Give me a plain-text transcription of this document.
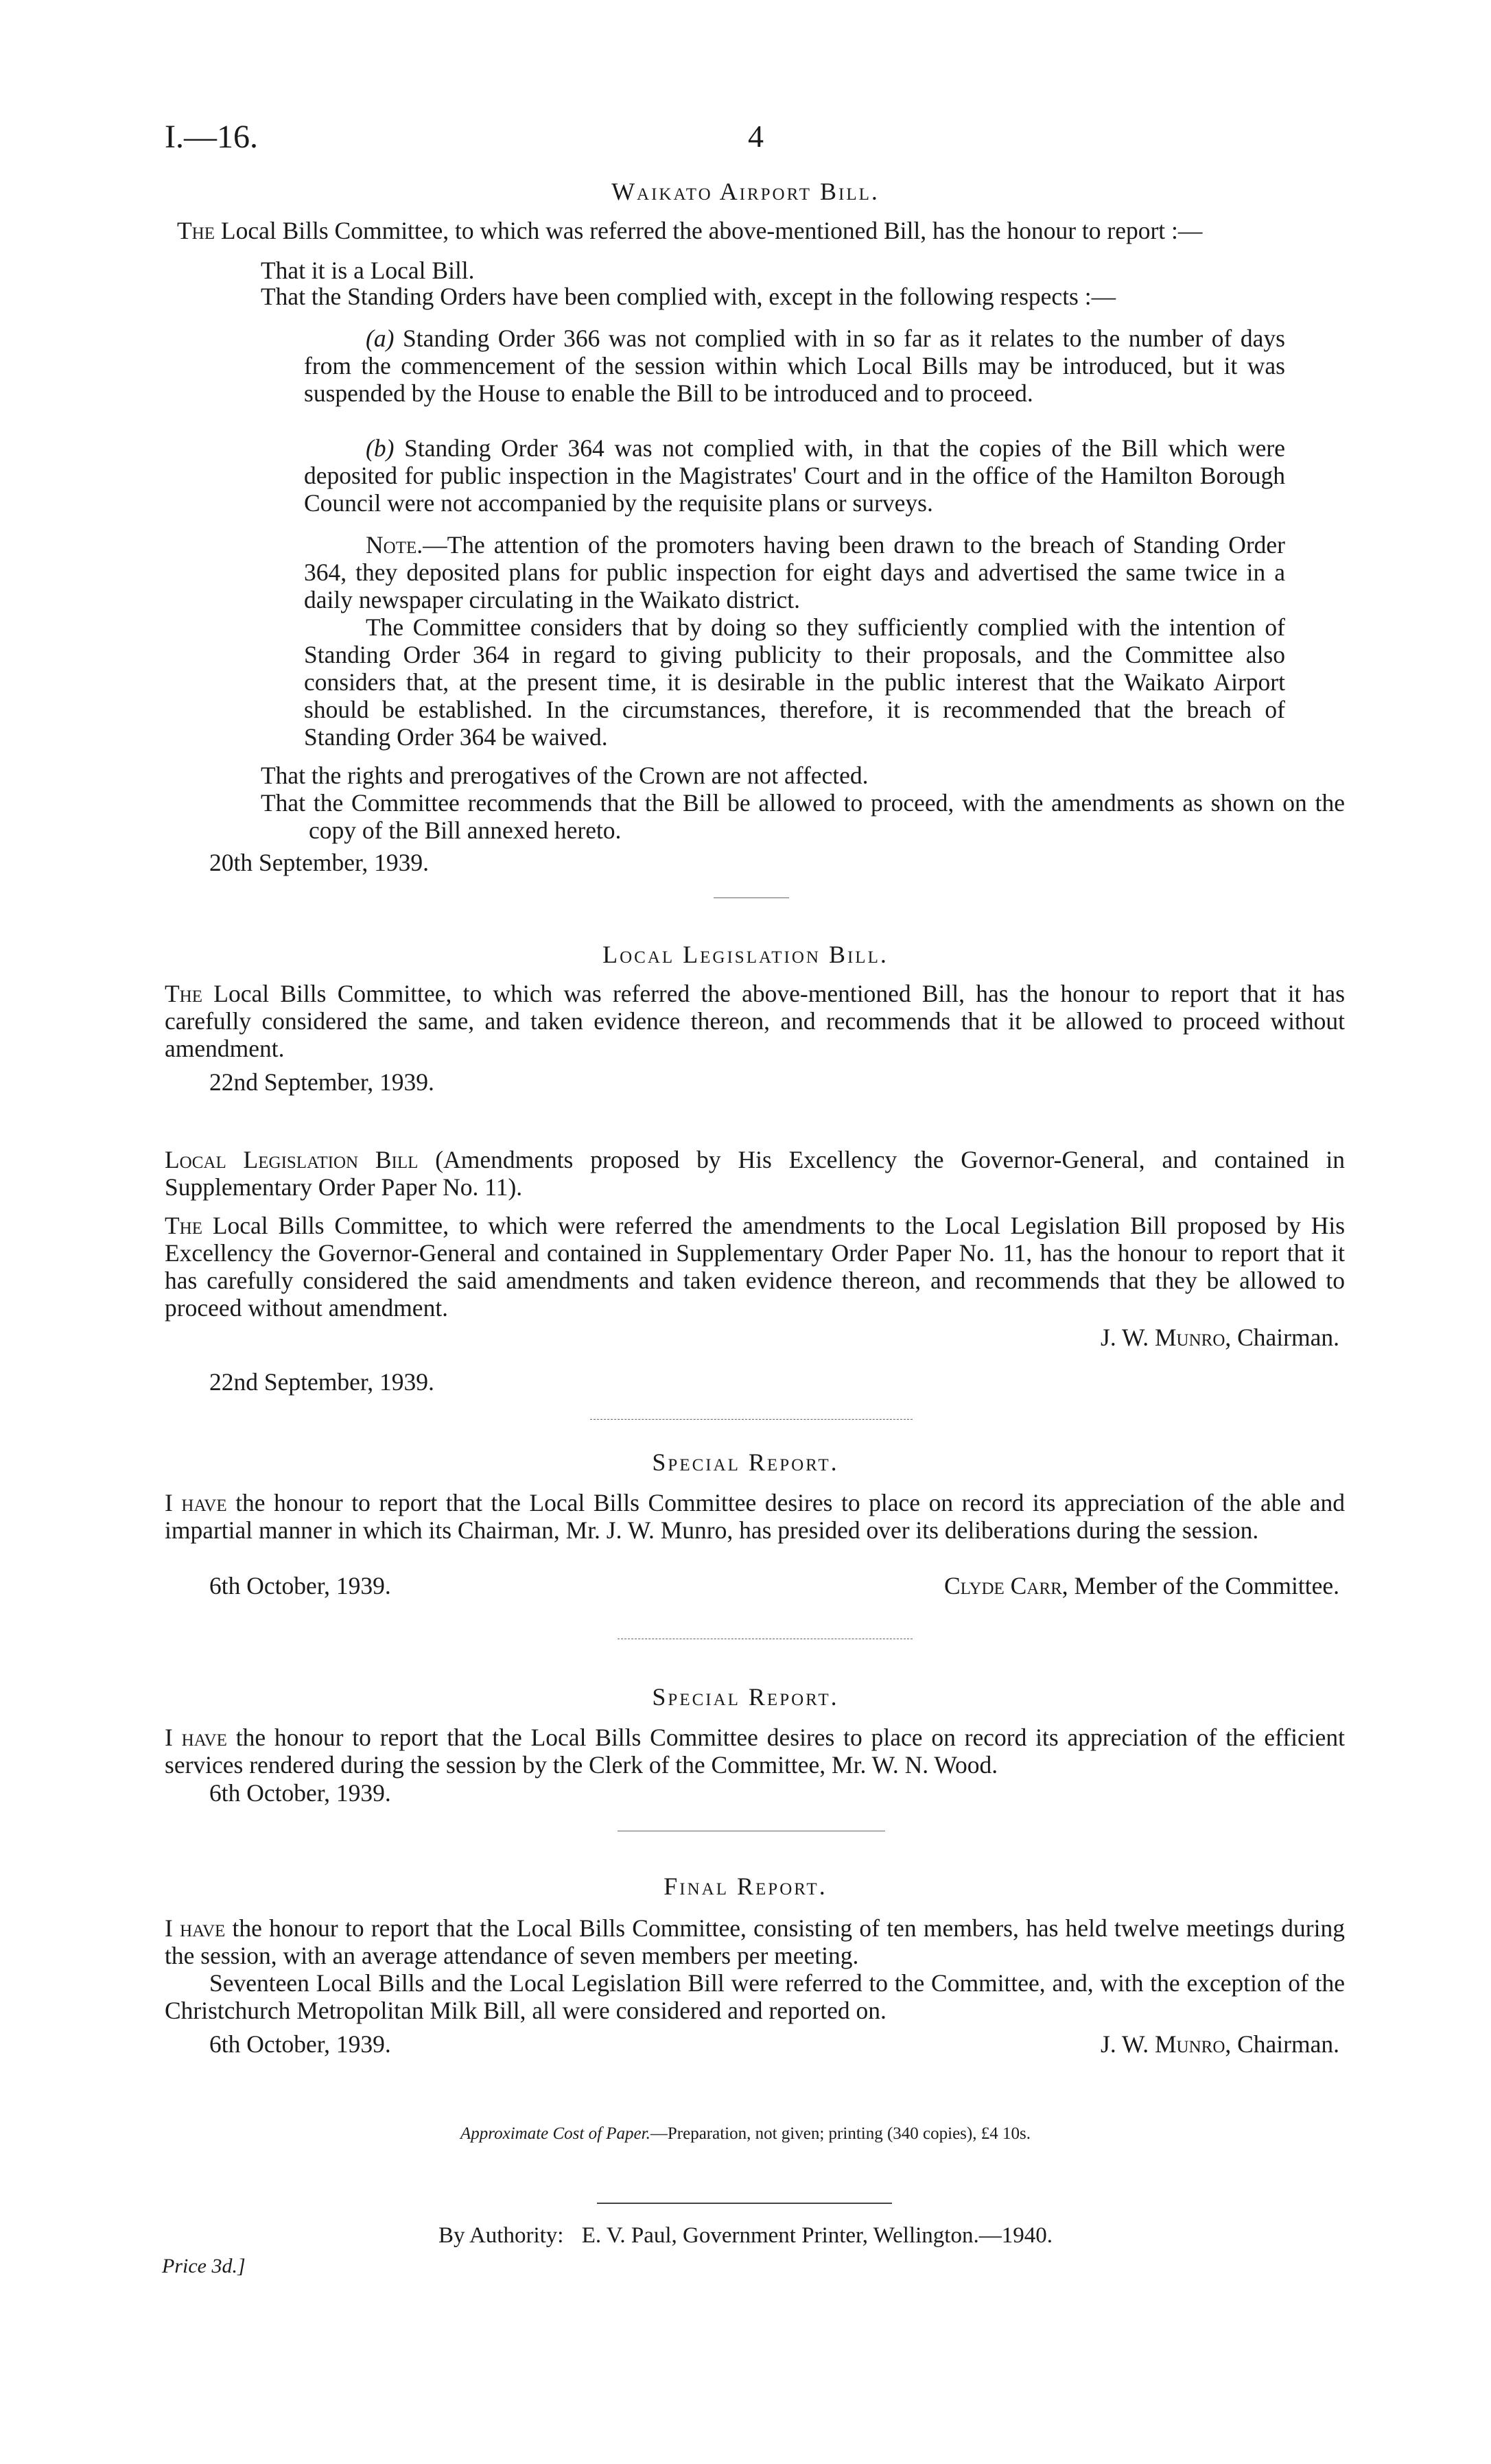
I.—16.	4
Waikato Airport Bill.

The Local Bills Committee, to which was referred the above-mentioned Bill, has the honour to report :—

That it is a Local Bill.

That the Standing Orders have been complied with, except in the following respects :—

(a) Standing Order 366 was not complied with in so far as it relates to the number of days from the commencement of the session within which Local Bills may be introduced, but it was suspended by the House to enable the Bill to be introduced and to proceed.

(b) Standing Order 364 was not complied with, in that the copies of the Bill which were deposited for public inspection in the Magistrates' Court and in the office of the Hamilton Borough Council were not accompanied by the requisite plans or surveys.

Note.—The attention of the promoters having been drawn to the breach of Standing Order 364, they deposited plans for public inspection for eight days and advertised the same twice in a daily newspaper circulating in the Waikato district.

The Committee considers that by doing so they sufficiently complied with the intention of Standing Order 364 in regard to giving publicity to their proposals, and the Committee also considers that, at the present time, it is desirable in the public interest that the Waikato Airport should be established. In the circumstances, therefore, it is recommended that the breach of Standing Order 364 be waived.

That the rights and prerogatives of the Crown are not affected.

That the Committee recommends that the Bill be allowed to proceed, with the amendments as shown on the copy of the Bill annexed hereto.

20th September, 1939.
Local Legislation Bill.

The Local Bills Committee, to which was referred the above-mentioned Bill, has the honour to report that it has carefully considered the same, and taken evidence thereon, and recommends that it be allowed to proceed without amendment.

22nd September, 1939.

Local Legislation Bill (Amendments proposed by His Excellency the Governor-General, and contained in Supplementary Order Paper No. 11).

The Local Bills Committee, to which were referred the amendments to the Local Legislation Bill proposed by His Excellency the Governor-General and contained in Supplementary Order Paper No. 11, has the honour to report that it has carefully considered the said amendments and taken evidence thereon, and recommends that they be allowed to proceed without amendment.

J. W. Munro, Chairman.
22nd September, 1939.
Special Report.

I have the honour to report that the Local Bills Committee desires to place on record its appreciation of the able and impartial manner in which its Chairman, Mr. J. W. Munro, has presided over its deliberations during the session.

6th October, 1939.	Clyde Carr, Member of the Committee.
Special Report.

I have the honour to report that the Local Bills Committee desires to place on record its appreciation of the efficient services rendered during the session by the Clerk of the Committee, Mr. W. N. Wood.

6th October, 1939.
Final Report.

I have the honour to report that the Local Bills Committee, consisting of ten members, has held twelve meetings during the session, with an average attendance of seven members per meeting.

Seventeen Local Bills and the Local Legislation Bill were referred to the Committee, and, with the exception of the Christchurch Metropolitan Milk Bill, all were considered and reported on.

6th October, 1939.	J. W. Munro, Chairman.
Approximate Cost of Paper.—Preparation, not given; printing (340 copies), £4 10s.
By Authority: E. V. Paul, Government Printer, Wellington.—1940.
Price 3d.]
